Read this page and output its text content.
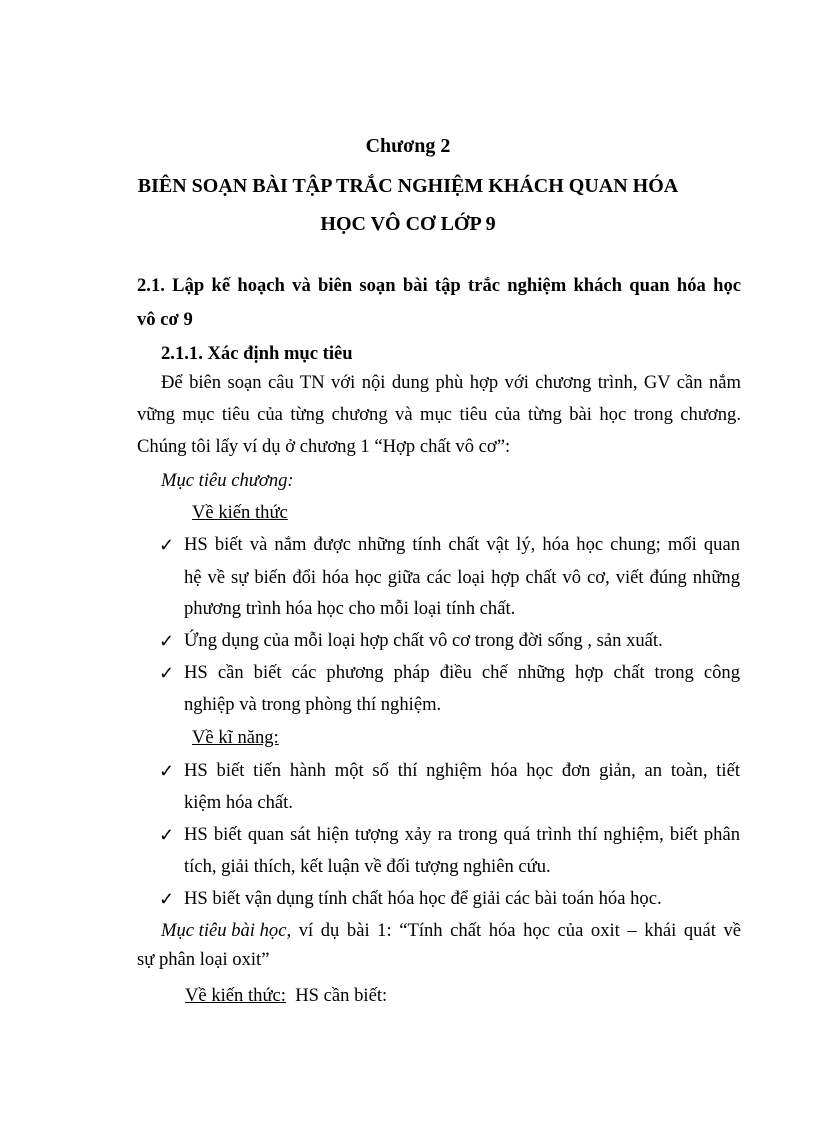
Chương 2
BIÊN SOẠN BÀI TẬP TRẮC NGHIỆM KHÁCH QUAN HÓA
HỌC VÔ CƠ LỚP 9
2.1. Lập kế hoạch và biên soạn bài tập trắc nghiệm khách quan hóa học
vô cơ 9
2.1.1. Xác định mục tiêu
Để biên soạn câu TN với nội dung phù hợp với chương trình, GV cần nắm
vững mục tiêu của từng chương và mục tiêu của từng bài học trong chương.
Chúng tôi lấy ví dụ ở chương 1 “Hợp chất vô cơ”:
Mục tiêu chương:
Về kiến thức
✓ HS biết và nắm được những tính chất vật lý, hóa học chung; mối quan
hệ về sự biến đổi hóa học giữa các loại hợp chất vô cơ, viết đúng những
phương trình hóa học cho mỗi loại tính chất.
✓ Ứng dụng của mỗi loại hợp chất vô cơ trong đời sống , sản xuất.
✓ HS cần biết các phương pháp điều chế những hợp chất trong công
nghiệp và trong phòng thí nghiệm.
Về kĩ năng:
✓ HS biết tiến hành một số thí nghiệm hóa học đơn giản, an toàn, tiết
kiệm hóa chất.
✓ HS biết quan sát hiện tượng xảy ra trong quá trình thí nghiệm, biết phân
tích, giải thích, kết luận về đối tượng nghiên cứu.
✓ HS biết vận dụng tính chất hóa học để giải các bài toán hóa học.
Mục tiêu bài học, ví dụ bài 1: “Tính chất hóa học của oxit – khái quát về
sự phân loại oxit”
Về kiến thức: HS cần biết:
